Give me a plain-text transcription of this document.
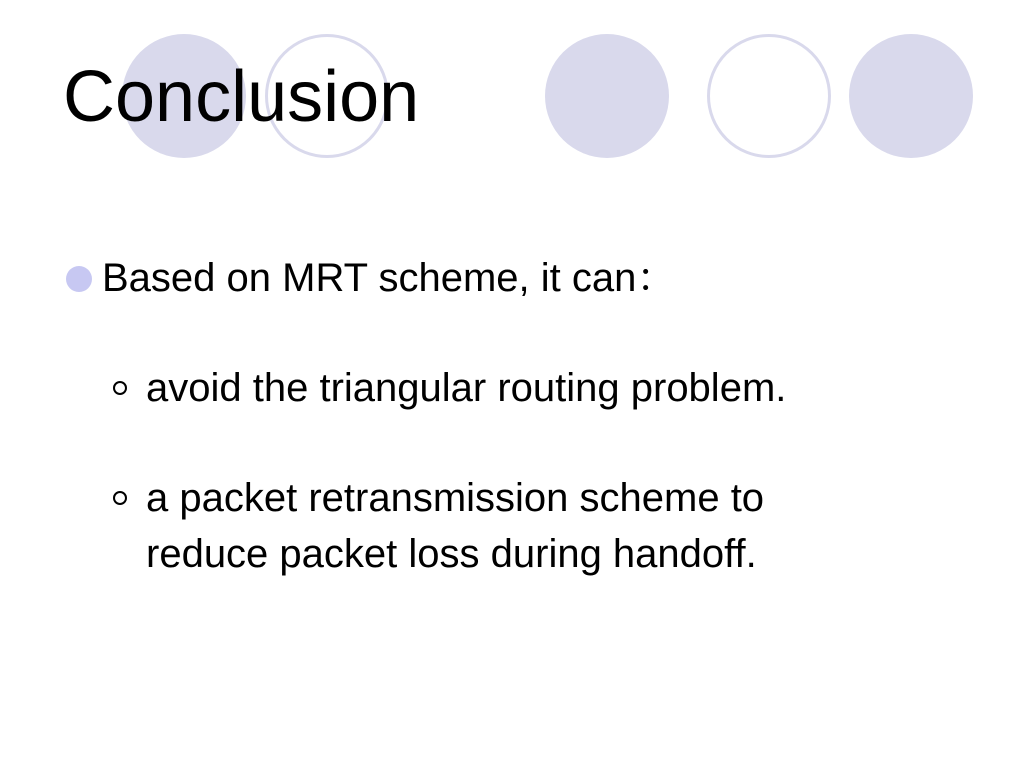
Conclusion
Based on MRT scheme, it can：
avoid the triangular routing problem.
a packet retransmission scheme to
reduce packet loss during handoff.
